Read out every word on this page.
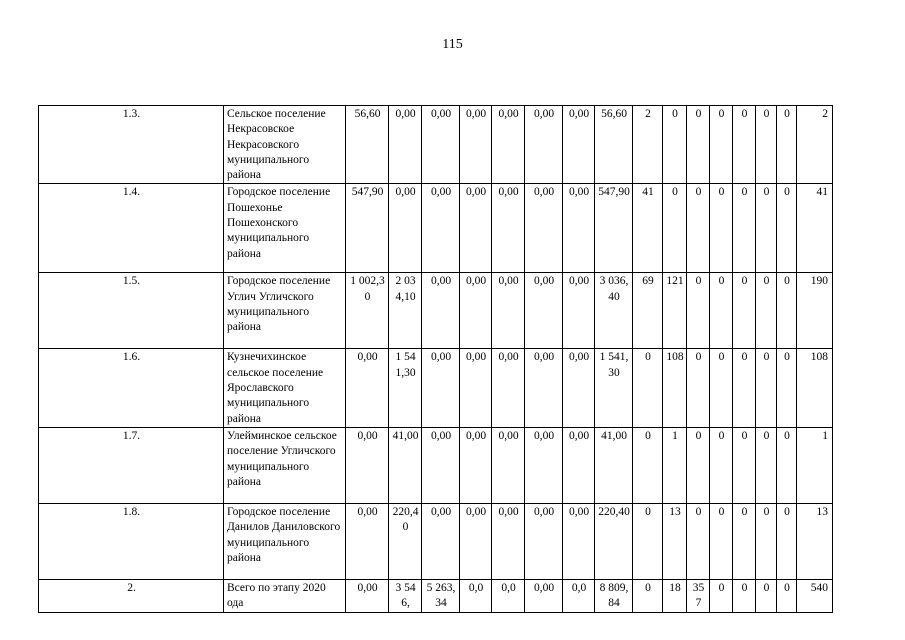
115
1.3.	Сельское поселение Некрасовское Некрасовского муниципального района	56,60	0,00	0,00	0,00	0,00	0,00	0,00	56,60	2	0	0	0	0	0	0	2
1.4.	Городское поселение Пошехонье Пошехонского муниципального района	547,90	0,00	0,00	0,00	0,00	0,00	0,00	547,90	41	0	0	0	0	0	0	41
1.5.	Городское поселение Углич Угличского муниципального района	1 002,30	2 034,10	0,00	0,00	0,00	0,00	0,00	3 036,40	69	121	0	0	0	0	0	190
1.6.	Кузнечихинское сельское поселение Ярославского муниципального района	0,00	1 541,30	0,00	0,00	0,00	0,00	0,00	1 541,30	0	108	0	0	0	0	0	108
1.7.	Улейминское сельское поселение Угличского муниципального района	0,00	41,00	0,00	0,00	0,00	0,00	0,00	41,00	0	1	0	0	0	0	0	1
1.8.	Городское поселение Данилов Даниловского муниципального района	0,00	220,40	0,00	0,00	0,00	0,00	0,00	220,40	0	13	0	0	0	0	0	13
2.	Всего по этапу 2020 ода	0,00	3 546,	5 263,34	0,0	0,0	0,00	0,0	8 809,84	0	18	357	0	0	0	0	540
